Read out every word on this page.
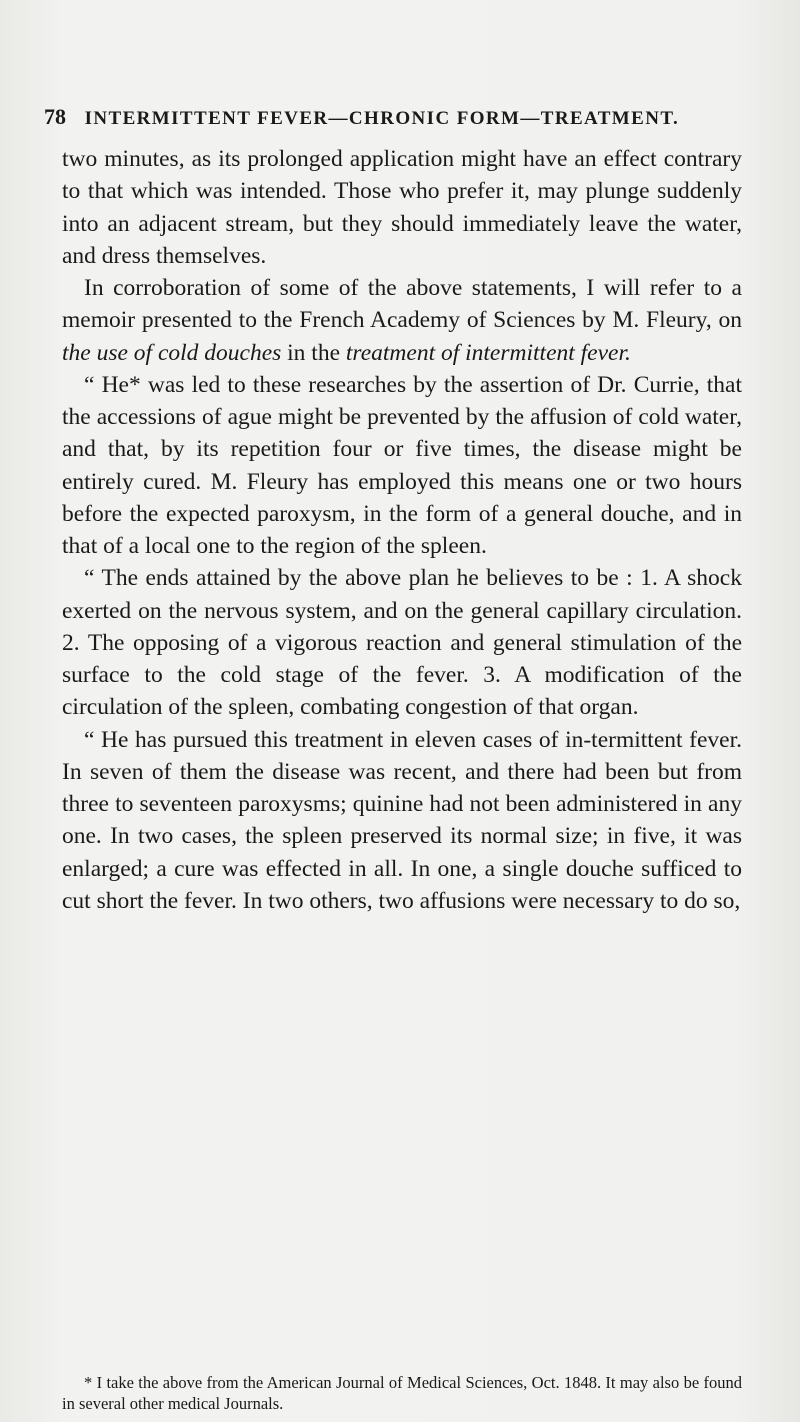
78 INTERMITTENT FEVER—CHRONIC FORM—TREATMENT.

two minutes, as its prolonged application might have an effect contrary to that which was intended. Those who prefer it, may plunge suddenly into an adjacent stream, but they should immediately leave the water, and dress themselves.

In corroboration of some of the above statements, I will refer to a memoir presented to the French Academy of Sciences by M. Fleury, on the use of cold douches in the treatment of intermittent fever.

“ He* was led to these researches by the assertion of Dr. Currie, that the accessions of ague might be prevented by the affusion of cold water, and that, by its repetition four or five times, the disease might be entirely cured. M. Fleury has employed this means one or two hours before the expected paroxysm, in the form of a general douche, and in that of a local one to the region of the spleen.

“ The ends attained by the above plan he believes to be : 1. A shock exerted on the nervous system, and on the general capillary circulation. 2. The opposing of a vigorous reaction and general stimulation of the surface to the cold stage of the fever. 3. A modification of the circulation of the spleen, combating congestion of that organ.

“ He has pursued this treatment in eleven cases of in-termittent fever. In seven of them the disease was recent, and there had been but from three to seventeen paroxysms; quinine had not been administered in any one. In two cases, the spleen preserved its normal size; in five, it was enlarged; a cure was effected in all. In one, a single douche sufficed to cut short the fever. In two others, two affusions were necessary to do so,

* I take the above from the American Journal of Medical Sciences, Oct. 1848. It may also be found in several other medical Journals.
